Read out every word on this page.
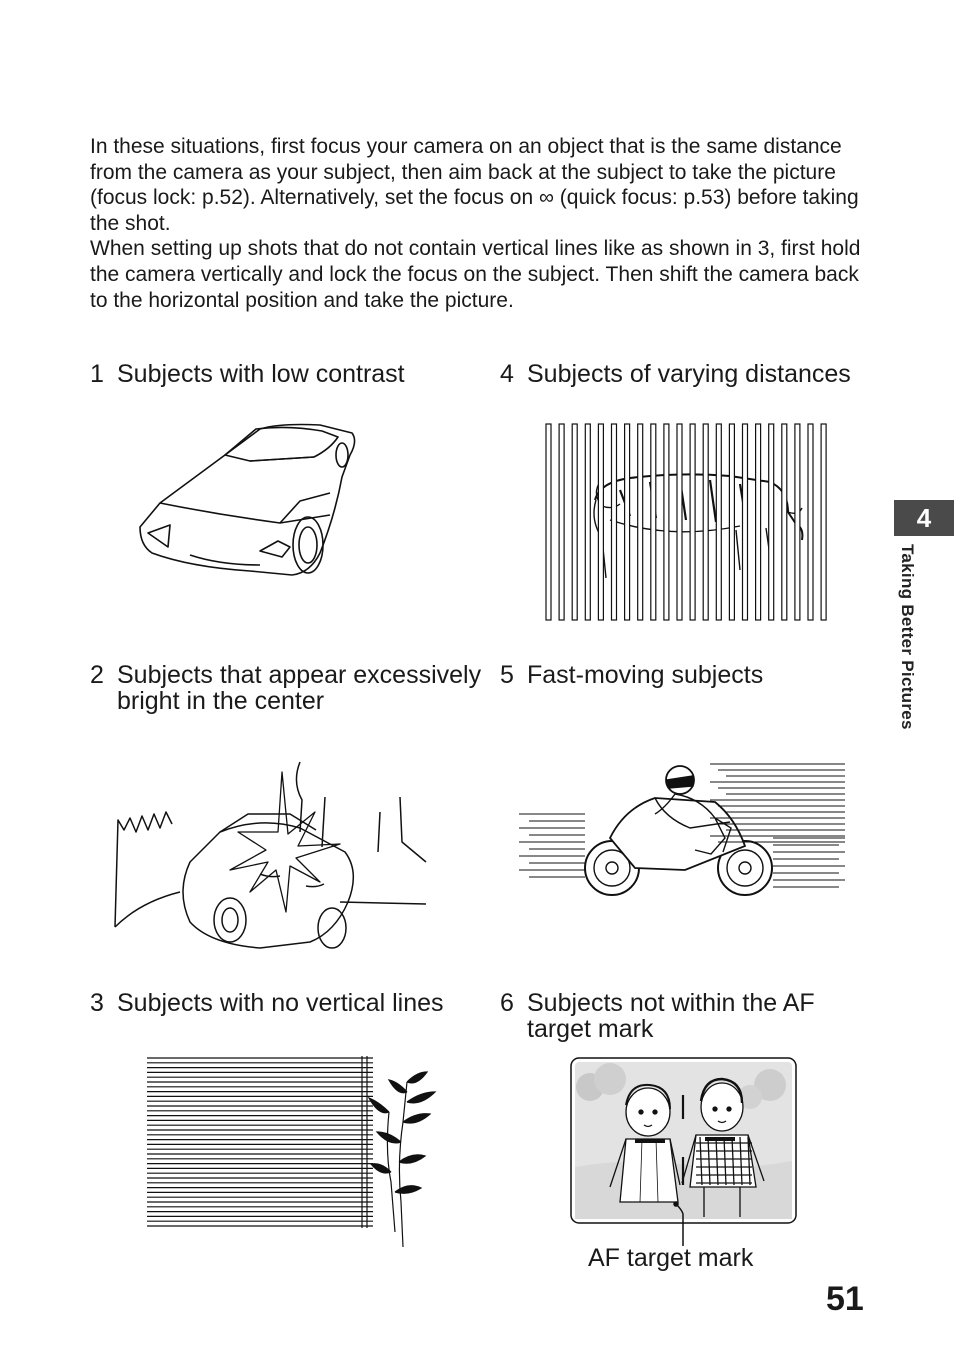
In these situations, first focus your camera on an object that is the same distance from the camera as your subject, then aim back at the subject to take the picture (focus lock: p.52). Alternatively, set the focus on ∞ (quick focus: p.53) before taking the shot.

When setting up shots that do not contain vertical lines like as shown in 3, first hold the camera vertically and lock the focus on the subject. Then shift the camera back to the horizontal position and take the picture.

1 Subjects with low contrast
2 Subjects that appear excessively bright in the center
3 Subjects with no vertical lines
4 Subjects of varying distances
5 Fast-moving subjects
6 Subjects not within the AF target mark
AF target mark
4
Taking Better Pictures
51
